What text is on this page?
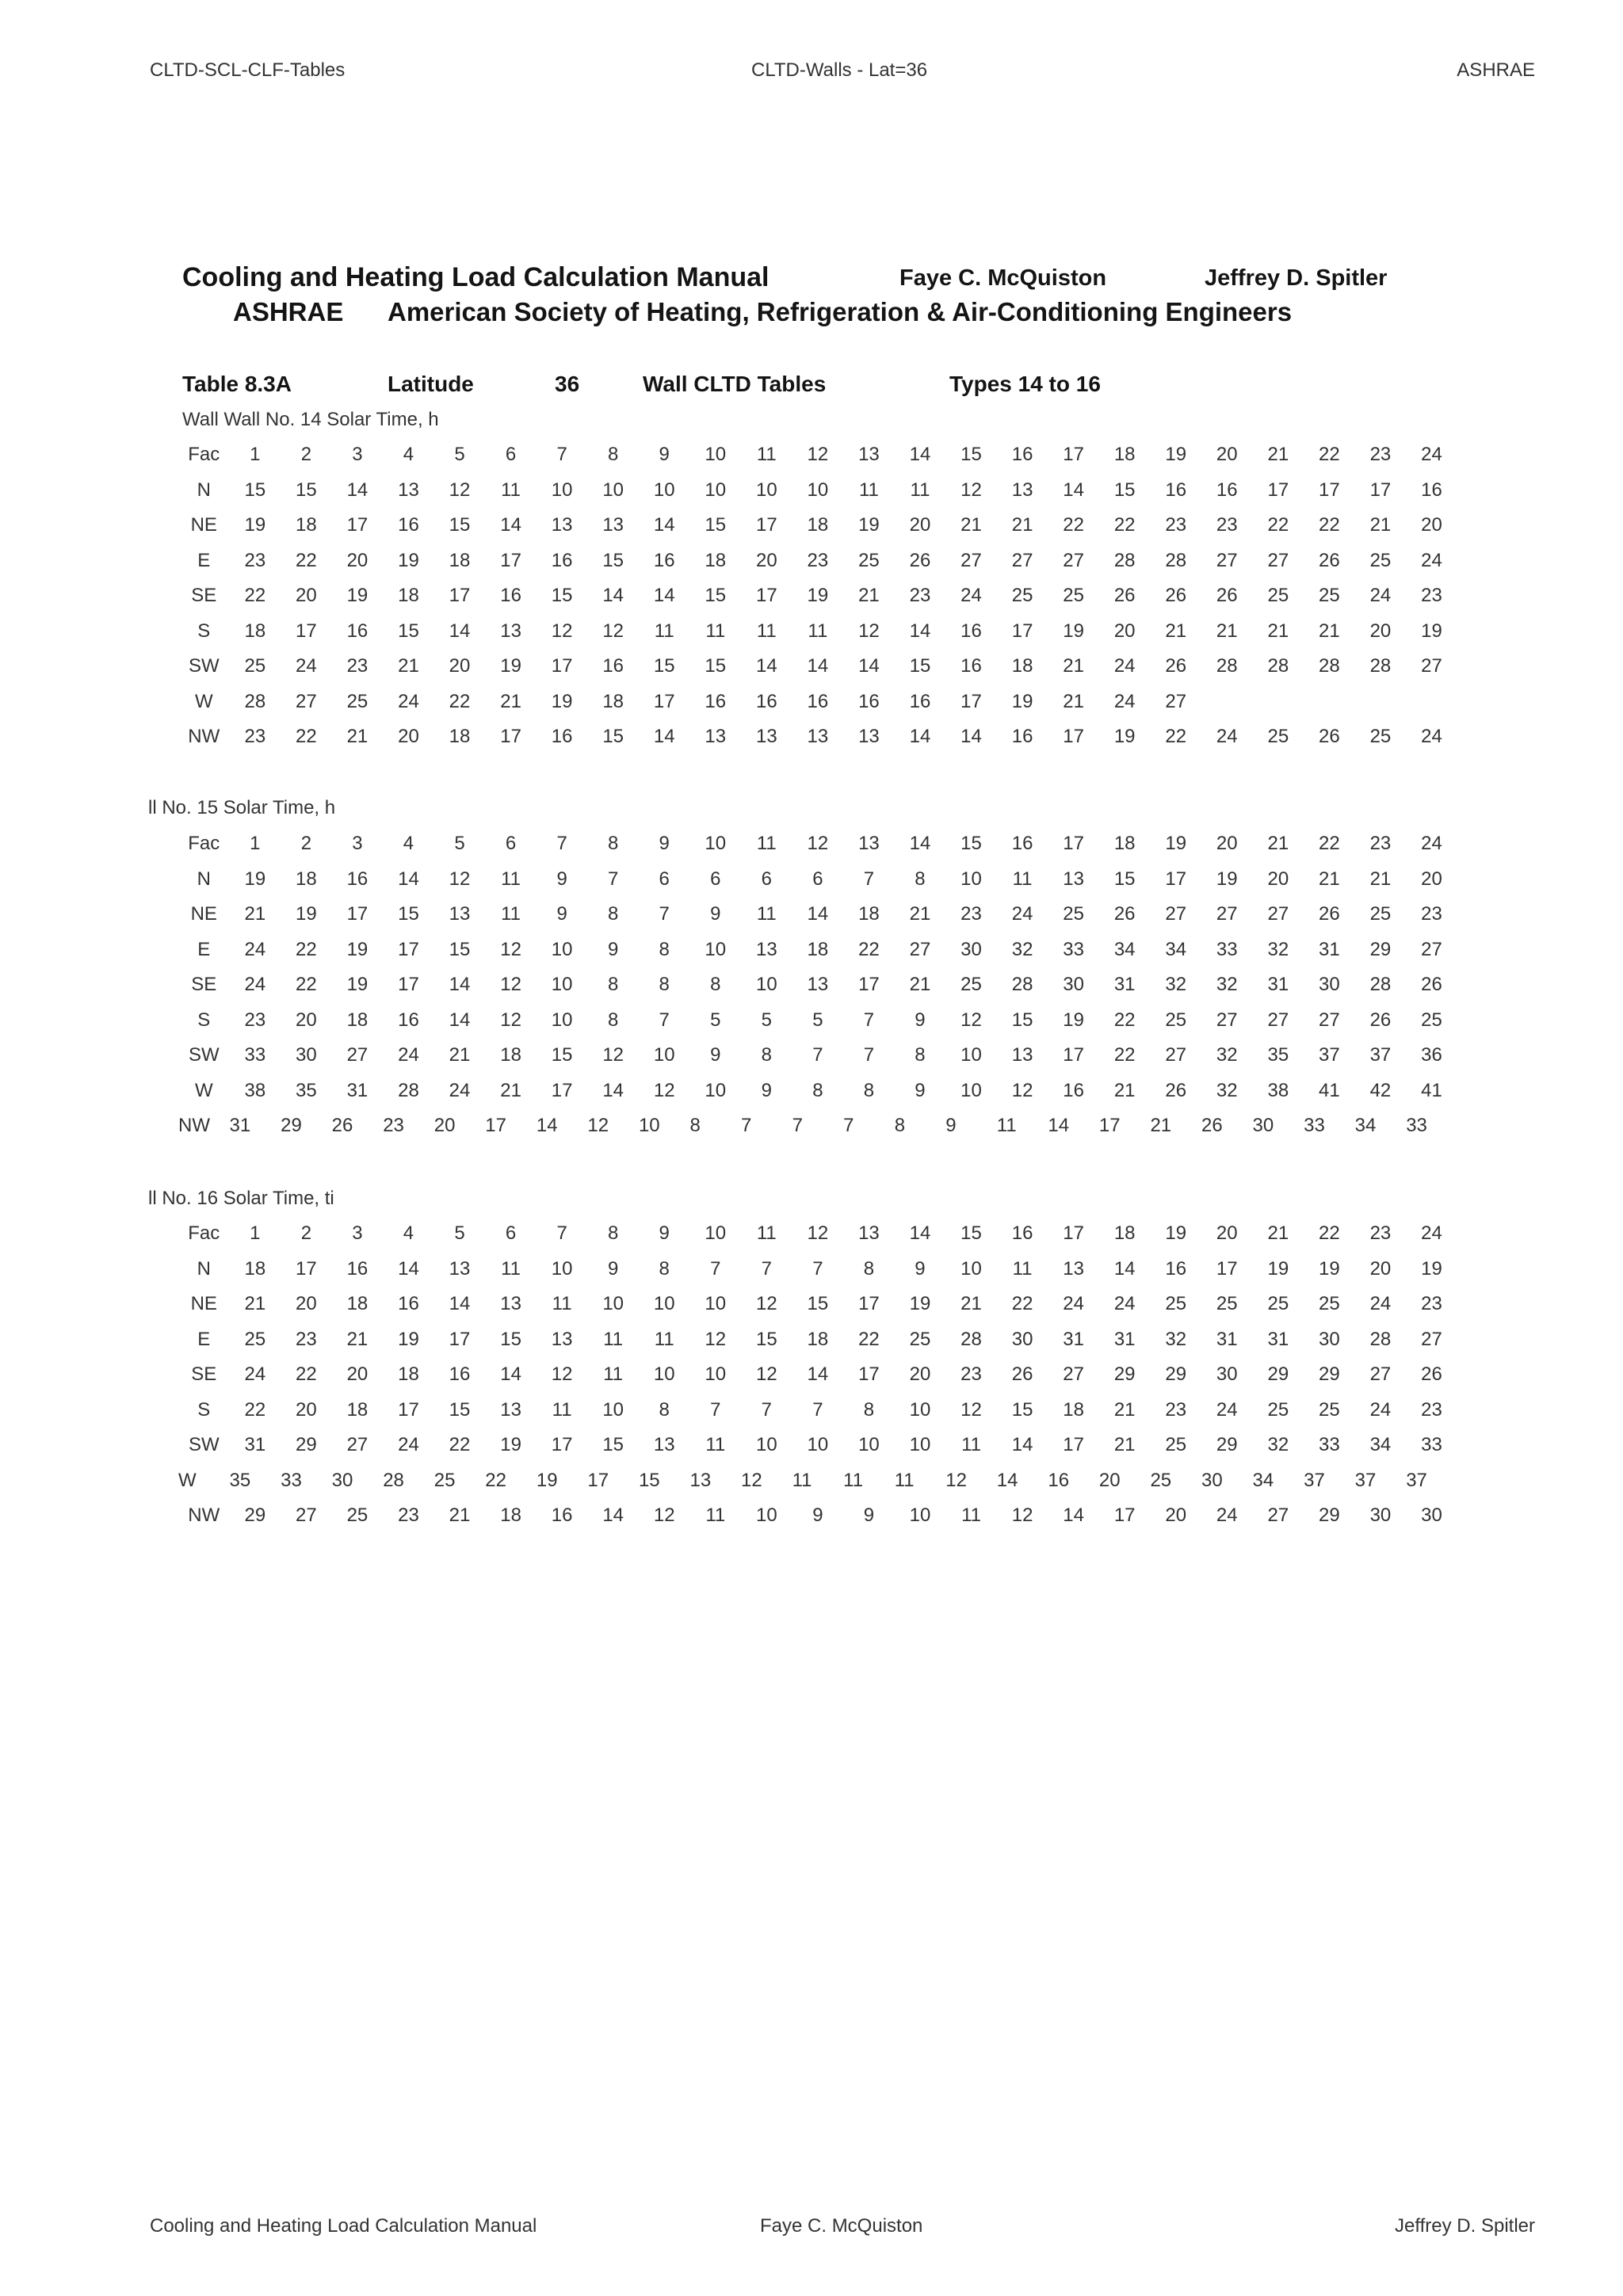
CLTD-SCL-CLF-Tables	CLTD-Walls - Lat=36	ASHRAE
Cooling and Heating Load Calculation Manual	Faye C. McQuiston	Jeffrey D. Spitler
ASHRAE American Society of Heating, Refrigeration & Air-Conditioning Engineers
Table 8.3A	Latitude	36	Wall CLTD Tables	Types 14 to 16
Wall Wall No. 14 Solar Time, h
Fac	1	2	3	4	5	6	7	8	9	10	11	12	13	14	15	16	17	18	19	20	21	22	23	24
N	15	15	14	13	12	11	10	10	10	10	10	10	11	11	12	13	14	15	16	16	17	17	17	16
NE	19	18	17	16	15	14	13	13	14	15	17	18	19	20	21	21	22	22	23	23	22	22	21	20
E	23	22	20	19	18	17	16	15	16	18	20	23	25	26	27	27	27	28	28	27	27	26	25	24
SE	22	20	19	18	17	16	15	14	14	15	17	19	21	23	24	25	25	26	26	26	25	25	24	23
S	18	17	16	15	14	13	12	12	11	11	11	11	12	14	16	17	19	20	21	21	21	21	20	19
SW	25	24	23	21	20	19	17	16	15	15	14	14	14	15	16	18	21	24	26	28	28	28	28	27
W	28	27	25	24	22	21	19	18	17	16	16	16	16	16	17	19	21	24	27
NW	23	22	21	20	18	17	16	15	14	13	13	13	13	14	14	16	17	19	22	24	25	26	25	24
ll No. 15 Solar Time, h
Fac	1	2	3	4	5	6	7	8	9	10	11	12	13	14	15	16	17	18	19	20	21	22	23	24
N	19	18	16	14	12	11	9	7	6	6	6	6	7	8	10	11	13	15	17	19	20	21	21	20
NE	21	19	17	15	13	11	9	8	7	9	11	14	18	21	23	24	25	26	27	27	27	26	25	23
E	24	22	19	17	15	12	10	9	8	10	13	18	22	27	30	32	33	34	34	33	32	31	29	27
SE	24	22	19	17	14	12	10	8	8	8	10	13	17	21	25	28	30	31	32	32	31	30	28	26
S	23	20	18	16	14	12	10	8	7	5	5	5	7	9	12	15	19	22	25	27	27	27	26	25
SW	33	30	27	24	21	18	15	12	10	9	8	7	7	8	10	13	17	22	27	32	35	37	37	36
W	38	35	31	28	24	21	17	14	12	10	9	8	8	9	10	12	16	21	26	32	38	41	42	41
NW	31	29	26	23	20	17	14	12	10	8	7	7	7	8	9	11	14	17	21	26	30	33	34	33
ll No. 16 Solar Time, ti
Fac	1	2	3	4	5	6	7	8	9	10	11	12	13	14	15	16	17	18	19	20	21	22	23	24
N	18	17	16	14	13	11	10	9	8	7	7	7	8	9	10	11	13	14	16	17	19	19	20	19
NE	21	20	18	16	14	13	11	10	10	10	12	15	17	19	21	22	24	24	25	25	25	25	24	23
E	25	23	21	19	17	15	13	11	11	12	15	18	22	25	28	30	31	31	32	31	31	30	28	27
SE	24	22	20	18	16	14	12	11	10	10	12	14	17	20	23	26	27	29	29	30	29	29	27	26
S	22	20	18	17	15	13	11	10	8	7	7	7	8	10	12	15	18	21	23	24	25	25	24	23
SW	31	29	27	24	22	19	17	15	13	11	10	10	10	10	11	14	17	21	25	29	32	33	34	33
W	35	33	30	28	25	22	19	17	15	13	12	11	11	11	12	14	16	20	25	30	34	37	37	37
NW	29	27	25	23	21	18	16	14	12	11	10	9	9	10	11	12	14	17	20	24	27	29	30	30
Cooling and Heating Load Calculation Manual	Faye C. McQuiston	Jeffrey D. Spitler
